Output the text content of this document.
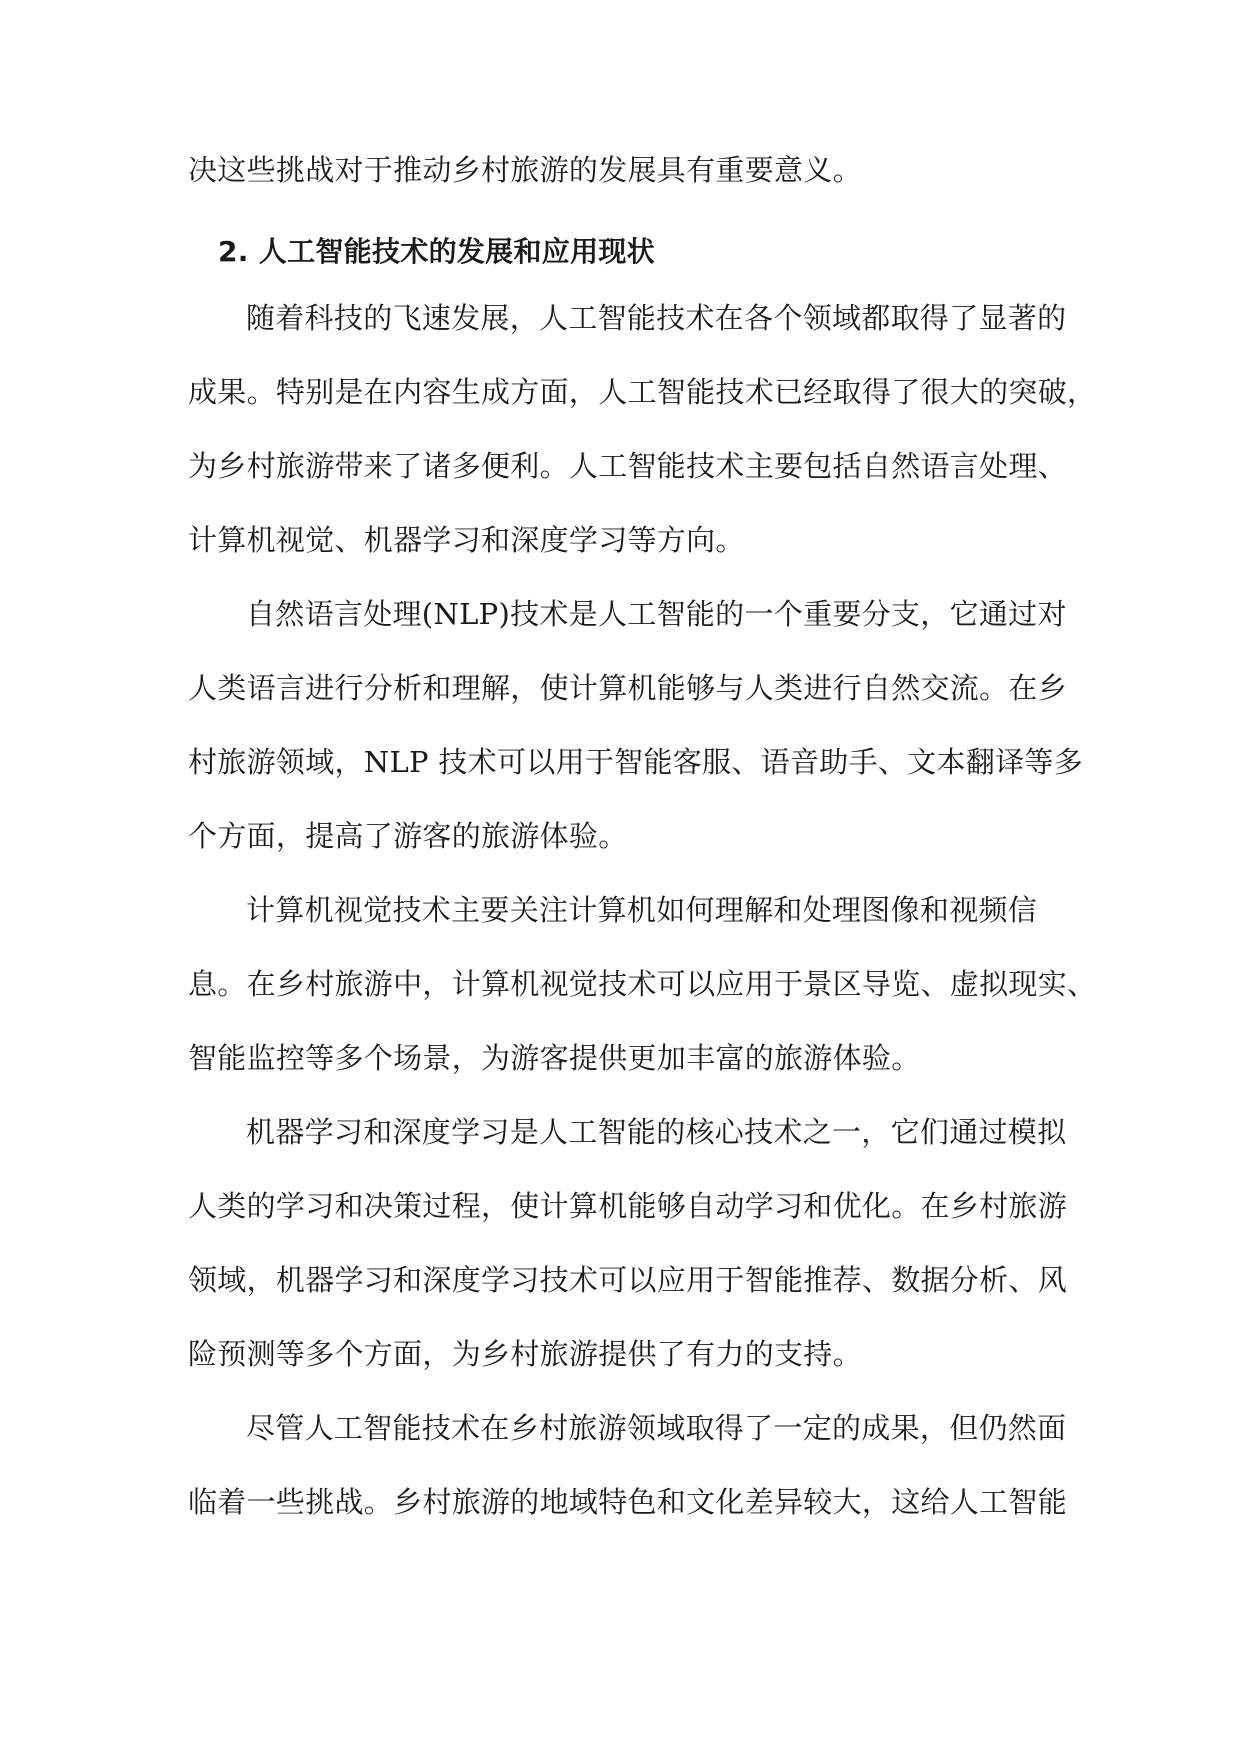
决这些挑战对于推动乡村旅游的发展具有重要意义。
2. 人工智能技术的发展和应用现状
随着科技的飞速发展，人工智能技术在各个领域都取得了显著的
成果。特别是在内容生成方面，人工智能技术已经取得了很大的突破，
为乡村旅游带来了诸多便利。人工智能技术主要包括自然语言处理、
计算机视觉、机器学习和深度学习等方向。
自然语言处理(NLP)技术是人工智能的一个重要分支，它通过对
人类语言进行分析和理解，使计算机能够与人类进行自然交流。在乡
村旅游领域，NLP 技术可以用于智能客服、语音助手、文本翻译等多
个方面，提高了游客的旅游体验。
计算机视觉技术主要关注计算机如何理解和处理图像和视频信
息。在乡村旅游中，计算机视觉技术可以应用于景区导览、虚拟现实、
智能监控等多个场景，为游客提供更加丰富的旅游体验。
机器学习和深度学习是人工智能的核心技术之一，它们通过模拟
人类的学习和决策过程，使计算机能够自动学习和优化。在乡村旅游
领域，机器学习和深度学习技术可以应用于智能推荐、数据分析、风
险预测等多个方面，为乡村旅游提供了有力的支持。
尽管人工智能技术在乡村旅游领域取得了一定的成果，但仍然面
临着一些挑战。乡村旅游的地域特色和文化差异较大，这给人工智能
